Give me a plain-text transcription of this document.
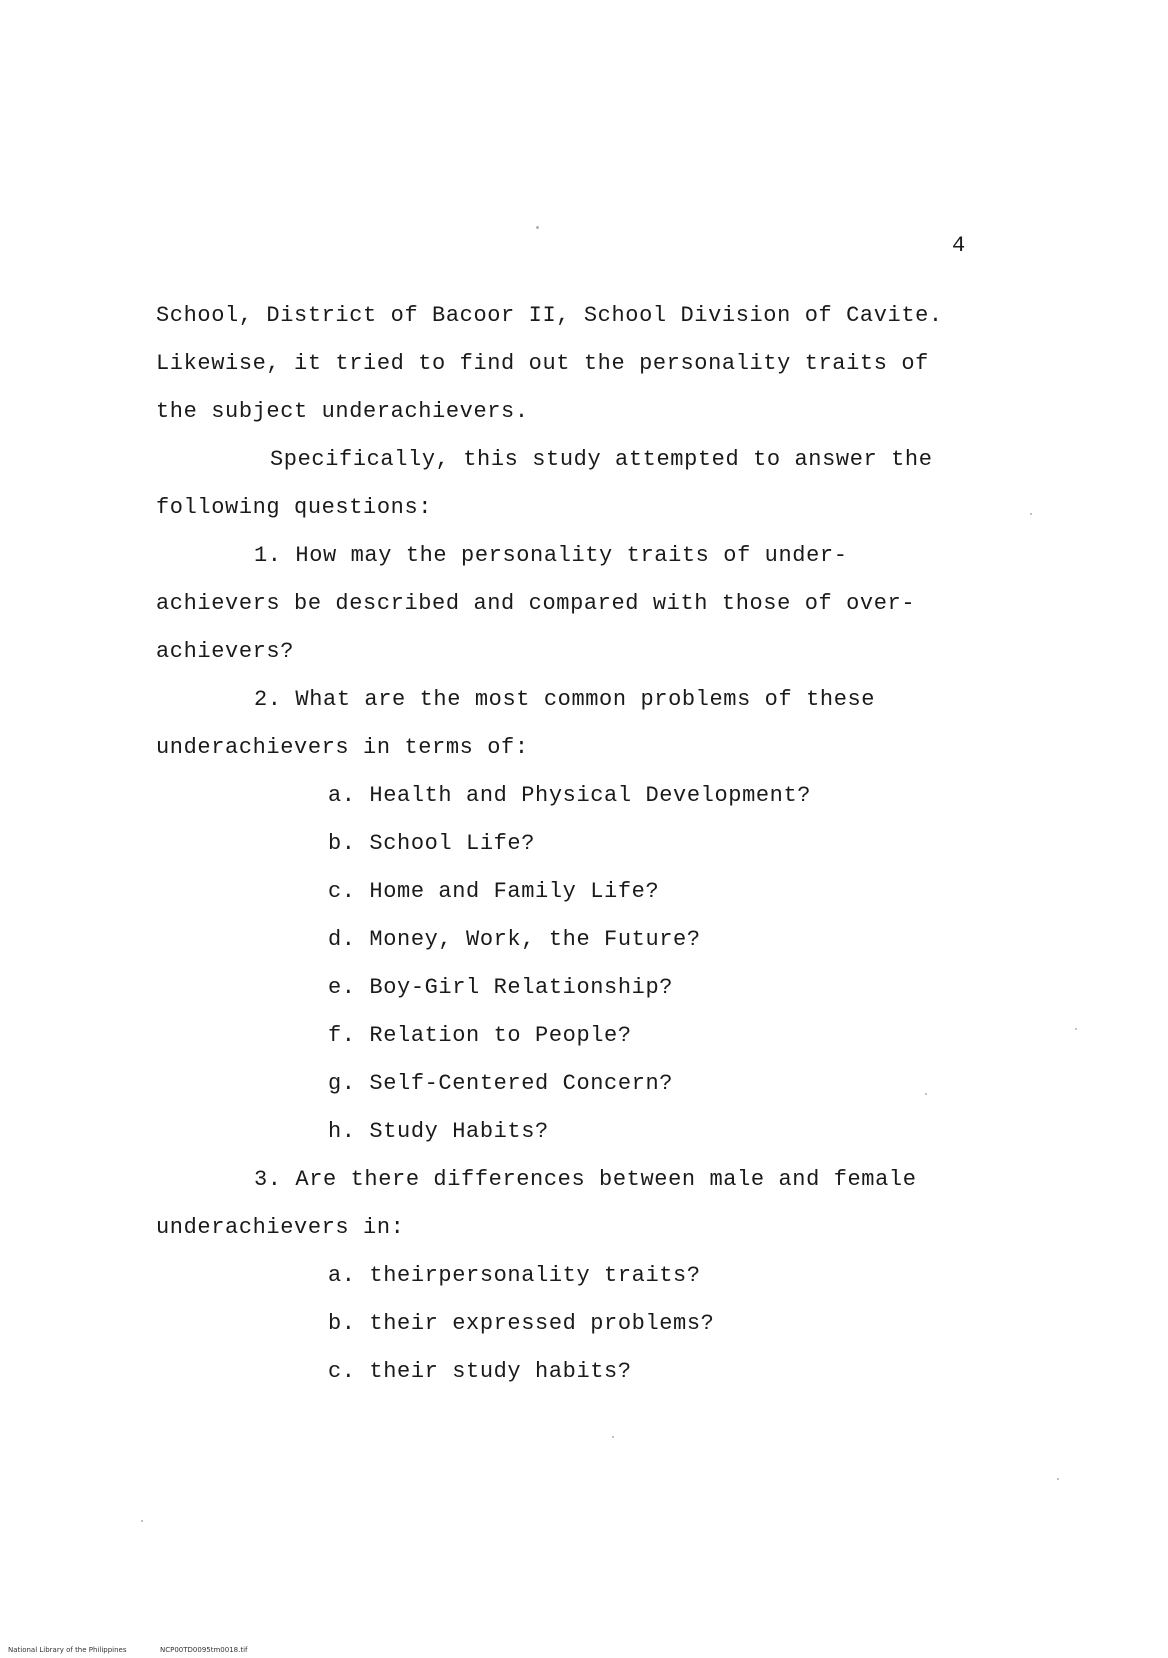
4
School, District of Bacoor II, School Division of Cavite.
Likewise, it tried to find out the personality traits of
the subject underachievers.
Specifically, this study attempted to answer the
following questions:
1. How may the personality traits of under-
achievers be described and compared with those of over-
achievers?
2. What are the most common problems of these
underachievers in terms of:
a. Health and Physical Development?
b. School Life?
c. Home and Family Life?
d. Money, Work, the Future?
e. Boy-Girl Relationship?
f. Relation to People?
g. Self-Centered Concern?
h. Study Habits?
3. Are there differences between male and female
underachievers in:
a. theirpersonality traits?
b. their expressed problems?
c. their study habits?
National Library of the Philippines	NCP00TD0095tm0018.tif
